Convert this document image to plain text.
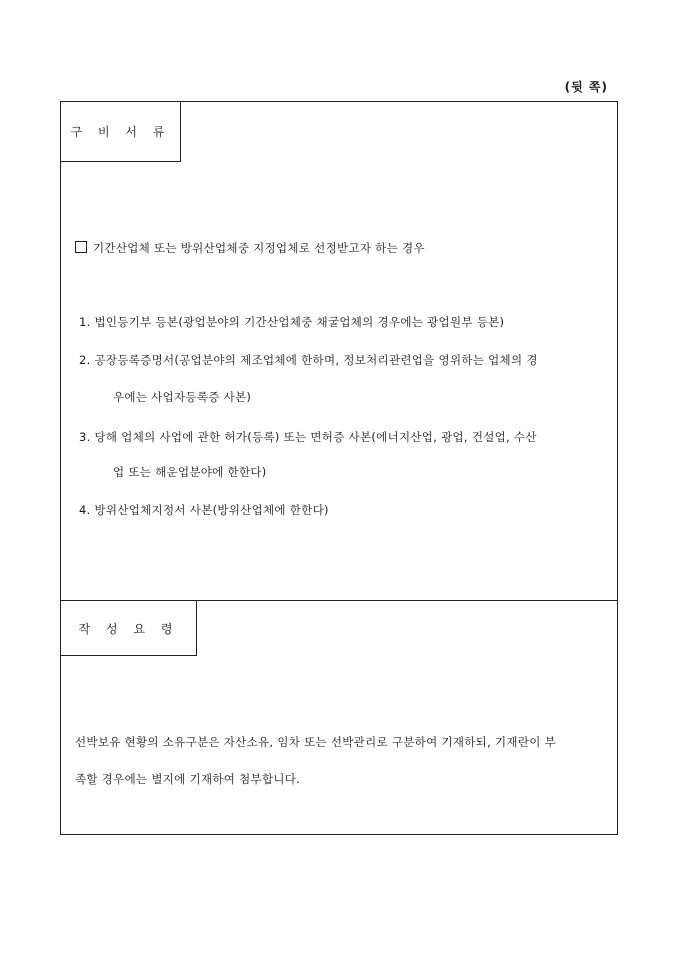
(뒷 쪽)
구 비 서 류
기간산업체 또는 방위산업체중 지정업체로 선정받고자 하는 경우
1. 법인등기부 등본(광업분야의 기간산업체중 채굴업체의 경우에는 광업원부 등본)
2. 공장등록증명서(공업분야의 제조업체에 한하며, 정보처리관련업을 영위하는 업체의 경
우에는 사업자등록증 사본)
3. 당해 업체의 사업에 관한 허가(등록) 또는 면허증 사본(에너지산업, 광업, 건설업, 수산
업 또는 해운업분야에 한한다)
4. 방위산업체지정서 사본(방위산업체에 한한다)
작 성 요 령
선박보유 현황의 소유구분은 자산소유, 임차 또는 선박관리로 구분하여 기재하되, 기재란이 부
족할 경우에는 별지에 기재하여 첨부합니다.
